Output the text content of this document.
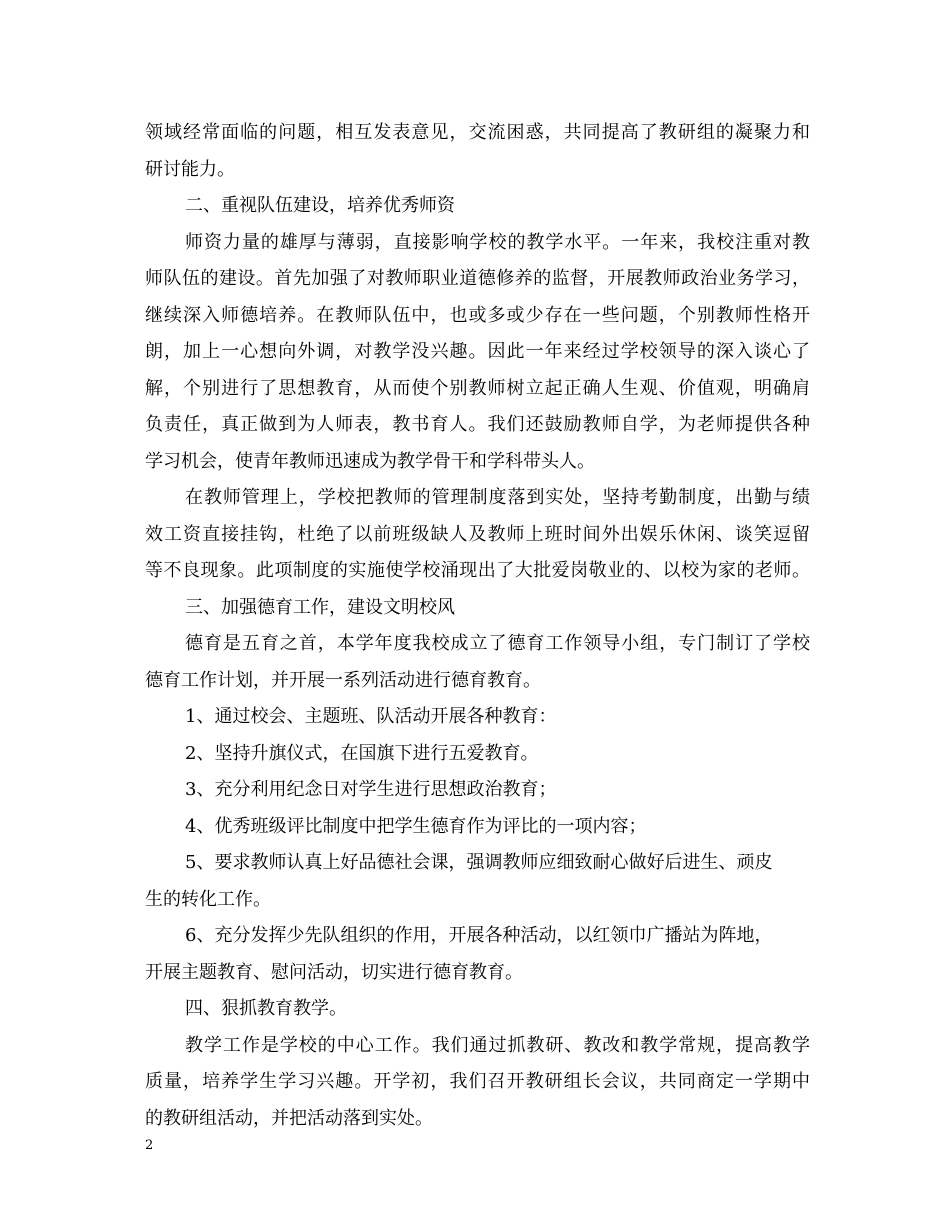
领域经常面临的问题，相互发表意见，交流困惑，共同提高了教研组的凝聚力和
研讨能力。
二、重视队伍建设，培养优秀师资
师资力量的雄厚与薄弱，直接影响学校的教学水平。一年来，我校注重对教
师队伍的建设。首先加强了对教师职业道德修养的监督，开展教师政治业务学习，
继续深入师德培养。在教师队伍中，也或多或少存在一些问题，个别教师性格开
朗，加上一心想向外调，对教学没兴趣。因此一年来经过学校领导的深入谈心了
解，个别进行了思想教育，从而使个别教师树立起正确人生观、价值观，明确肩
负责任，真正做到为人师表，教书育人。我们还鼓励教师自学，为老师提供各种
学习机会，使青年教师迅速成为教学骨干和学科带头人。
在教师管理上，学校把教师的管理制度落到实处，坚持考勤制度，出勤与绩
效工资直接挂钩，杜绝了以前班级缺人及教师上班时间外出娱乐休闲、谈笑逗留
等不良现象。此项制度的实施使学校涌现出了大批爱岗敬业的、以校为家的老师。
三、加强德育工作，建设文明校风
德育是五育之首，本学年度我校成立了德育工作领导小组，专门制订了学校
德育工作计划，并开展一系列活动进行德育教育。
1、通过校会、主题班、队活动开展各种教育：
2、坚持升旗仪式，在国旗下进行五爱教育。
3、充分利用纪念日对学生进行思想政治教育；
4、优秀班级评比制度中把学生德育作为评比的一项内容；
5、要求教师认真上好品德社会课，强调教师应细致耐心做好后进生、顽皮
生的转化工作。
6、充分发挥少先队组织的作用，开展各种活动，以红领巾广播站为阵地，
开展主题教育、慰问活动，切实进行德育教育。
四、狠抓教育教学。
教学工作是学校的中心工作。我们通过抓教研、教改和教学常规，提高教学
质量，培养学生学习兴趣。开学初，我们召开教研组长会议，共同商定一学期中
的教研组活动，并把活动落到实处。
2
